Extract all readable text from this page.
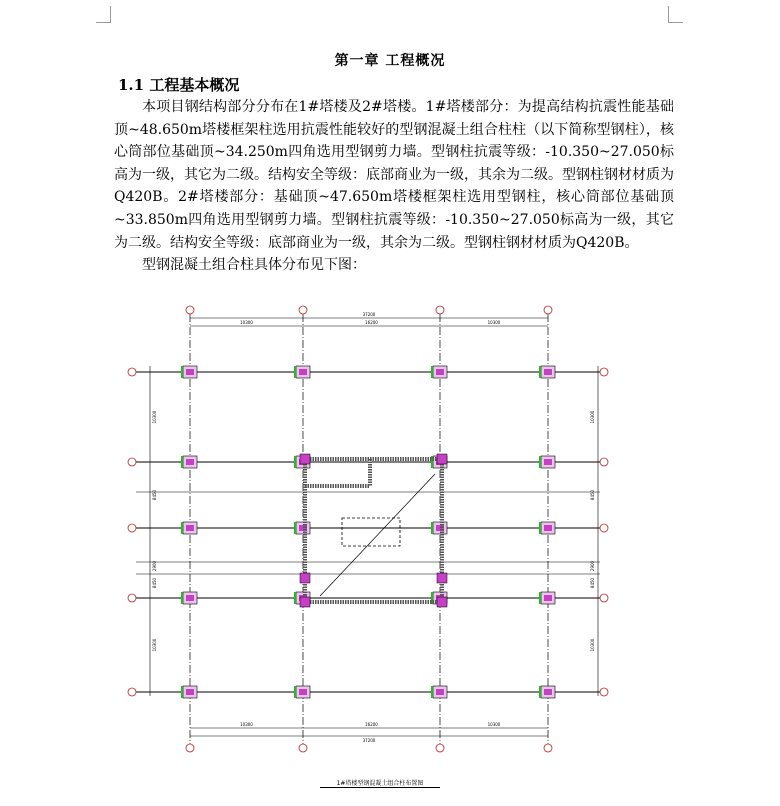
第一章 工程概况
1.1 工程基本概况

本项目钢结构部分分布在1#塔楼及2#塔楼。1#塔楼部分：为提高结构抗震性能基础顶~48.650m塔楼框架柱选用抗震性能较好的型钢混凝土组合柱柱（以下简称型钢柱），核心筒部位基础顶~34.250m四角选用型钢剪力墙。型钢柱抗震等级：-10.350~27.050标高为一级，其它为二级。结构安全等级：底部商业为一级，其余为二级。型钢柱钢材材质为Q420B。2#塔楼部分：基础顶~47.650m塔楼框架柱选用型钢柱，核心筒部位基础顶~33.850m四角选用型钢剪力墙。型钢柱抗震等级：-10.350~27.050标高为一级，其它为二级。结构安全等级：底部商业为一级，其余为二级。型钢柱钢材材质为Q420B。

型钢混凝土组合柱具体分布见下图：

37200
10300	16200	10300
10300	16200	10300
37200
10300
8450
2900
8450
10300
10300
8450
2900
8450
10300
1#塔楼型钢混凝土组合柱布置图
